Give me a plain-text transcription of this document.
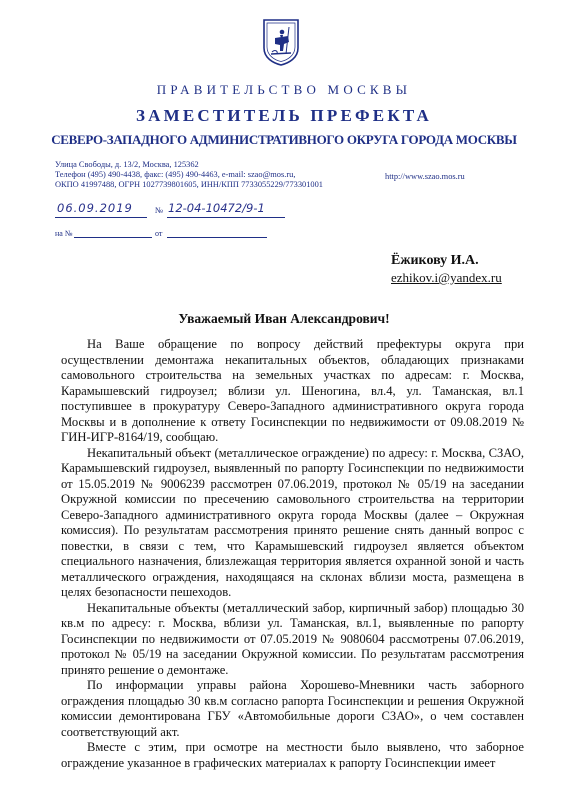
ПРАВИТЕЛЬСТВО МОСКВЫ
ЗАМЕСТИТЕЛЬ ПРЕФЕКТА
СЕВЕРО-ЗАПАДНОГО АДМИНИСТРАТИВНОГО ОКРУГА ГОРОДА МОСКВЫ
Улица Свободы, д. 13/2, Москва, 125362
Телефон (495) 490-4438, факс: (495) 490-4463, e-mail: szao@mos.ru,
ОКПО 41997488, ОГРН 1027739801605, ИНН/КПП 7733055229/773301001
http://www.szao.mos.ru
06.09.2019	№ 12-04-10472/9-1
на №	от
Ёжикову И.А.
ezhikov.i@yandex.ru
Уважаемый Иван Александрович!

На Ваше обращение по вопросу действий префектуры округа при осуществлении демонтажа некапитальных объектов, обладающих признаками самовольного строительства на земельных участках по адресам: г. Москва, Карамышевский гидроузел; вблизи ул. Шеногина, вл.4, ул. Таманская, вл.1 поступившее в прокуратуру Северо-Западного административного округа города Москвы и в дополнение к ответу Госинспекции по недвижимости от 09.08.2019 № ГИН-ИГР-8164/19, сообщаю.

Некапитальный объект (металлическое ограждение) по адресу: г. Москва, СЗАО, Карамышевский гидроузел, выявленный по рапорту Госинспекции по недвижимости от 15.05.2019 № 9006239 рассмотрен 07.06.2019, протокол № 05/19 на заседании Окружной комиссии по пресечению самовольного строительства на территории Северо-Западного административного округа города Москвы (далее – Окружная комиссия). По результатам рассмотрения принято решение снять данный вопрос с повестки, в связи с тем, что Карамышевский гидроузел является объектом специального назначения, близлежащая территория является охранной зоной и часть металлического ограждения, находящаяся на склонах вблизи моста, размещена в целях безопасности пешеходов.

Некапитальные объекты (металлический забор, кирпичный забор) площадью 30 кв.м по адресу: г. Москва, вблизи ул. Таманская, вл.1, выявленные по рапорту Госинспекции по недвижимости от 07.05.2019 № 9080604 рассмотрены 07.06.2019, протокол № 05/19 на заседании Окружной комиссии. По результатам рассмотрения принято решение о демонтаже.

По информации управы района Хорошево-Мневники часть заборного ограждения площадью 30 кв.м согласно рапорта Госинспекции и решения Окружной комиссии демонтирована ГБУ «Автомобильные дороги СЗАО», о чем составлен соответствующий акт.

Вместе с этим, при осмотре на местности было выявлено, что заборное ограждение указанное в графических материалах к рапорту Госинспекции имеет
